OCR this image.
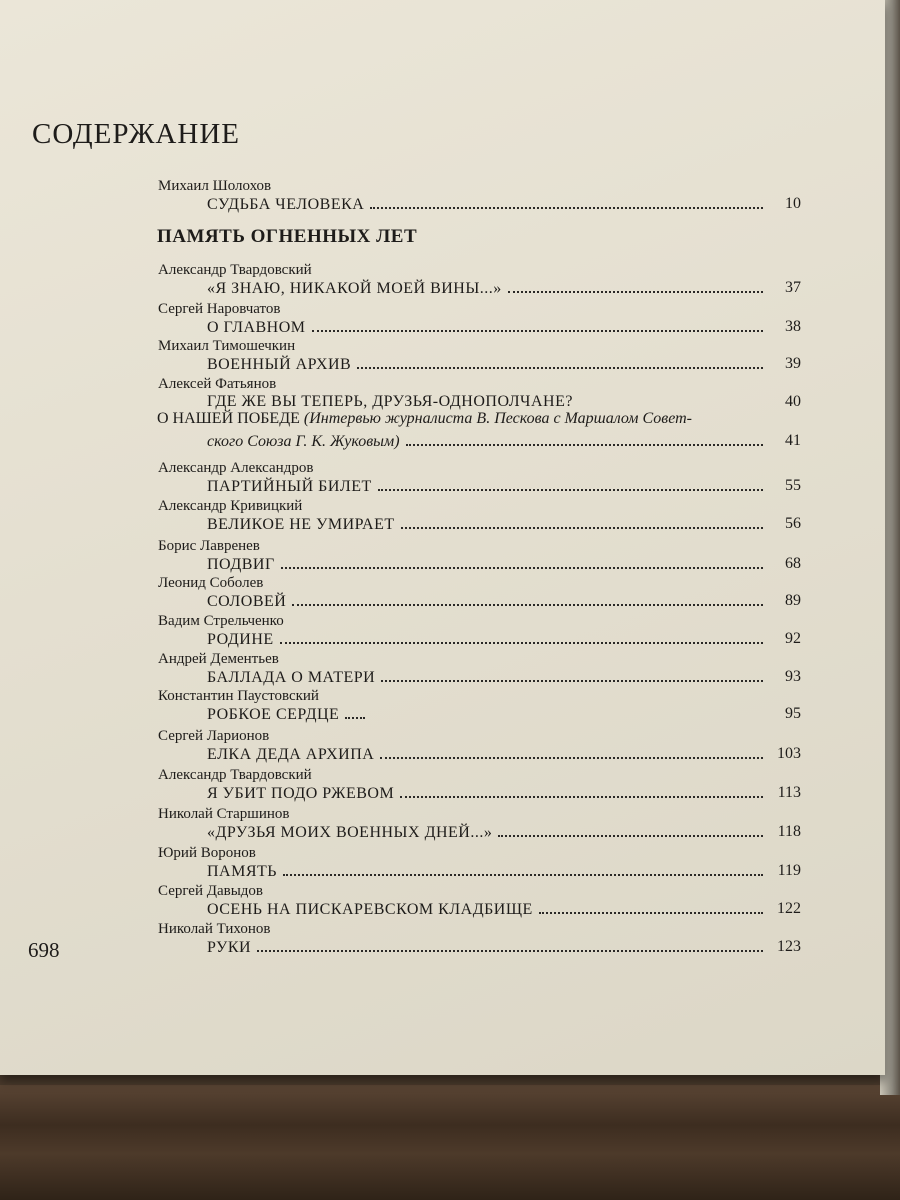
СОДЕРЖАНИЕ
Михаил Шолохов
СУДЬБА ЧЕЛОВЕКА	10
ПАМЯТЬ ОГНЕННЫХ ЛЕТ
Александр Твардовский
«Я ЗНАЮ, НИКАКОЙ МОЕЙ ВИНЫ...»	37
Сергей Наровчатов
О ГЛАВНОМ	38
Михаил Тимошечкин
ВОЕННЫЙ АРХИВ	39
Алексей Фатьянов
ГДЕ ЖЕ ВЫ ТЕПЕРЬ, ДРУЗЬЯ-ОДНОПОЛЧАНЕ?	40
О НАШЕЙ ПОБЕДЕ (Интервью журналиста В. Пескова с Маршалом Совет-
ского Союза Г. К. Жуковым)	41
Александр Александров
ПАРТИЙНЫЙ БИЛЕТ	55
Александр Кривицкий
ВЕЛИКОЕ НЕ УМИРАЕТ	56
Борис Лавренев
ПОДВИГ	68
Леонид Соболев
СОЛОВЕЙ	89
Вадим Стрельченко
РОДИНЕ	92
Андрей Дементьев
БАЛЛАДА О МАТЕРИ	93
Константин Паустовский
РОБКОЕ СЕРДЦЕ	95
Сергей Ларионов
ЕЛКА ДЕДА АРХИПА	103
Александр Твардовский
Я УБИТ ПОДО РЖЕВОМ	113
Николай Старшинов
«ДРУЗЬЯ МОИХ ВОЕННЫХ ДНЕЙ...»	118
Юрий Воронов
ПАМЯТЬ	119
Сергей Давыдов
ОСЕНЬ НА ПИСКАРЕВСКОМ КЛАДБИЩЕ	122
Николай Тихонов
РУКИ	123
698
